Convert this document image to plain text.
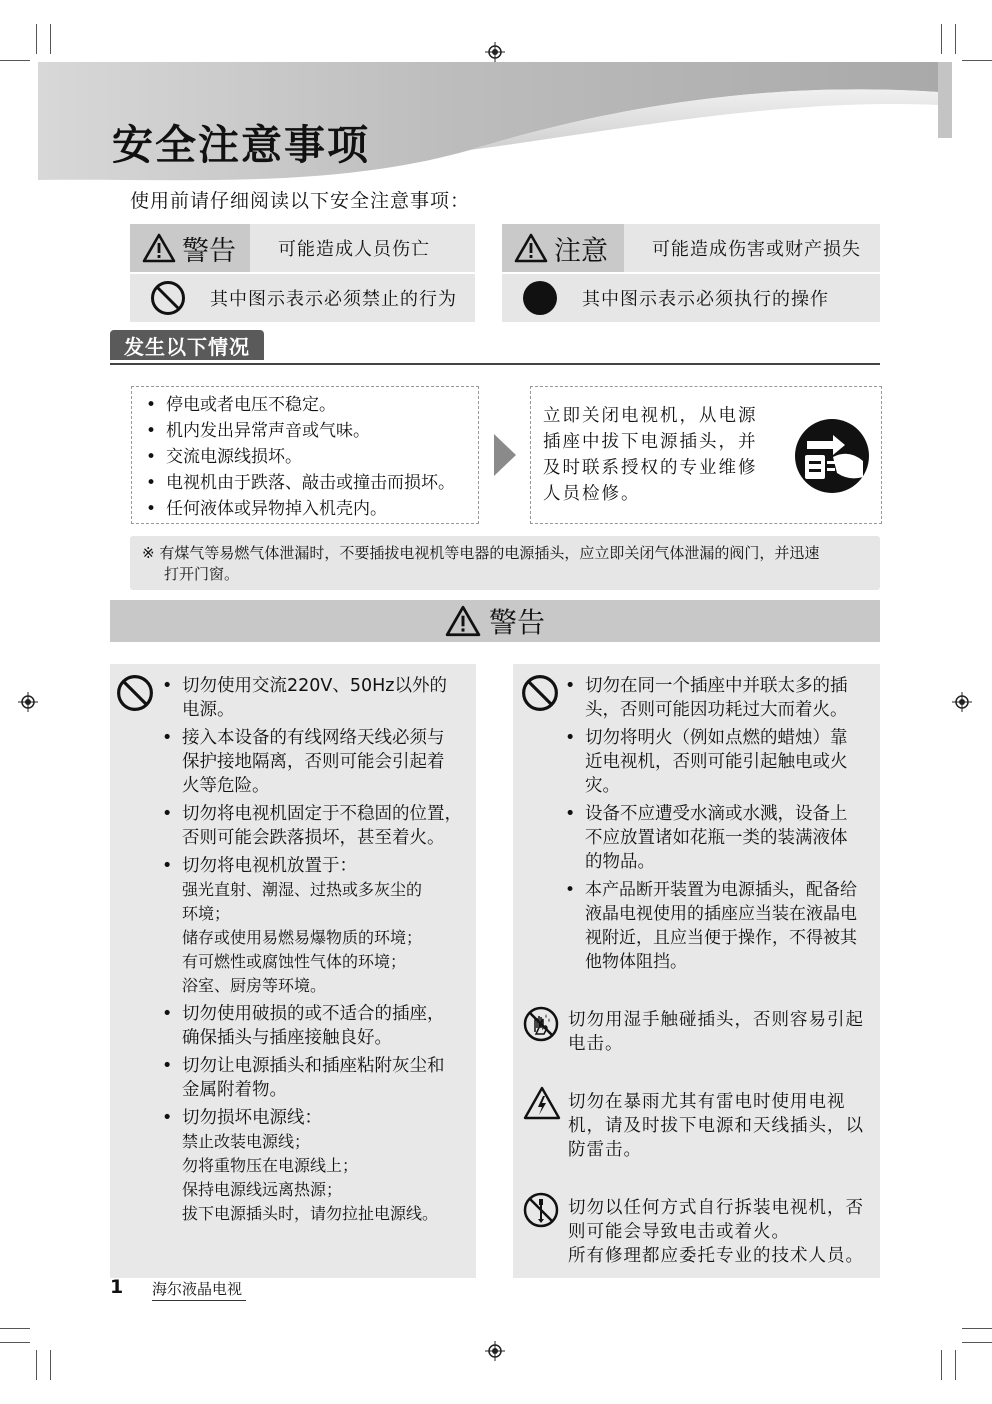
安全注意事项
使用前请仔细阅读以下安全注意事项：
警告	可能造成人员伤亡
其中图示表示必须禁止的行为
注意	可能造成伤害或财产损失
其中图示表示必须执行的操作
发生以下情况
• 停电或者电压不稳定。
• 机内发出异常声音或气味。
• 交流电源线损坏。
• 电视机由于跌落、敲击或撞击而损坏。
• 任何液体或异物掉入机壳内。
立即关闭电视机，从电源
插座中拔下电源插头，并
及时联系授权的专业维修
人员检修。
※ 有煤气等易燃气体泄漏时，不要插拔电视机等电器的电源插头，应立即关闭气体泄漏的阀门，并迅速
打开门窗。
警告
• 切勿使用交流220V、50Hz以外的
电源。
• 接入本设备的有线网络天线必须与
保护接地隔离，否则可能会引起着
火等危险。
• 切勿将电视机固定于不稳固的位置，
否则可能会跌落损坏，甚至着火。
• 切勿将电视机放置于：
强光直射、潮湿、过热或多灰尘的
环境；
储存或使用易燃易爆物质的环境；
有可燃性或腐蚀性气体的环境；
浴室、厨房等环境。
• 切勿使用破损的或不适合的插座，
确保插头与插座接触良好。
• 切勿让电源插头和插座粘附灰尘和
金属附着物。
• 切勿损坏电源线：
禁止改装电源线；
勿将重物压在电源线上；
保持电源线远离热源；
拔下电源插头时，请勿拉扯电源线。
• 切勿在同一个插座中并联太多的插
头，否则可能因功耗过大而着火。
• 切勿将明火（例如点燃的蜡烛）靠
近电视机，否则可能引起触电或火
灾。
• 设备不应遭受水滴或水溅，设备上
不应放置诸如花瓶一类的装满液体
的物品。
• 本产品断开装置为电源插头，配备给
液晶电视使用的插座应当装在液晶电
视附近，且应当便于操作，不得被其
他物体阻挡。
切勿用湿手触碰插头，否则容易引起
电击。
切勿在暴雨尤其有雷电时使用电视
机，请及时拔下电源和天线插头，以
防雷击。
切勿以任何方式自行拆装电视机，否
则可能会导致电击或着火。
所有修理都应委托专业的技术人员。
1 海尔液晶电视
